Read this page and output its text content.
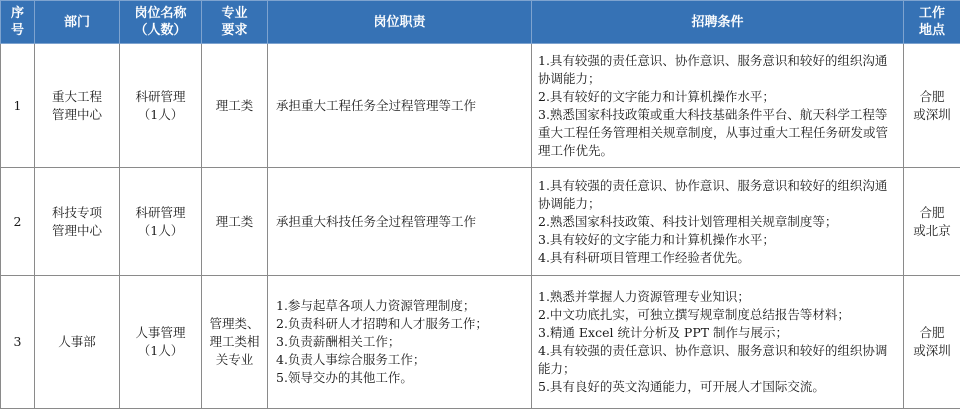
序
号	部门	岗位名称
（人数）	专业
要求	岗位职责	招聘条件	工作
地点
1	重大工程
管理中心	科研管理
（1人）	理工类	承担重大工程任务全过程管理等工作	1.具有较强的责任意识、协作意识、服务意识和较好的组织沟通协调能力；
2.具有较好的文字能力和计算机操作水平；
3.熟悉国家科技政策或重大科技基础条件平台、航天科学工程等重大工程任务管理相关规章制度，从事过重大工程任务研发或管理工作优先。	合肥
或深圳
2	科技专项
管理中心	科研管理
（1人）	理工类	承担重大科技任务全过程管理等工作	1.具有较强的责任意识、协作意识、服务意识和较好的组织沟通协调能力；
2.熟悉国家科技政策、科技计划管理相关规章制度等；
3.具有较好的文字能力和计算机操作水平；
4.具有科研项目管理工作经验者优先。	合肥
或北京
3	人事部	人事管理
（1人）	管理类、
理工类相
关专业	1.参与起草各项人力资源管理制度；
2.负责科研人才招聘和人才服务工作；
3.负责薪酬相关工作；
4.负责人事综合服务工作；
5.领导交办的其他工作。	1.熟悉并掌握人力资源管理专业知识；
2.中文功底扎实，可独立撰写规章制度总结报告等材料；
3.精通 Excel 统计分析及 PPT 制作与展示；
4.具有较强的责任意识、协作意识、服务意识和较好的组织协调能力；
5.具有良好的英文沟通能力，可开展人才国际交流。	合肥
或深圳
